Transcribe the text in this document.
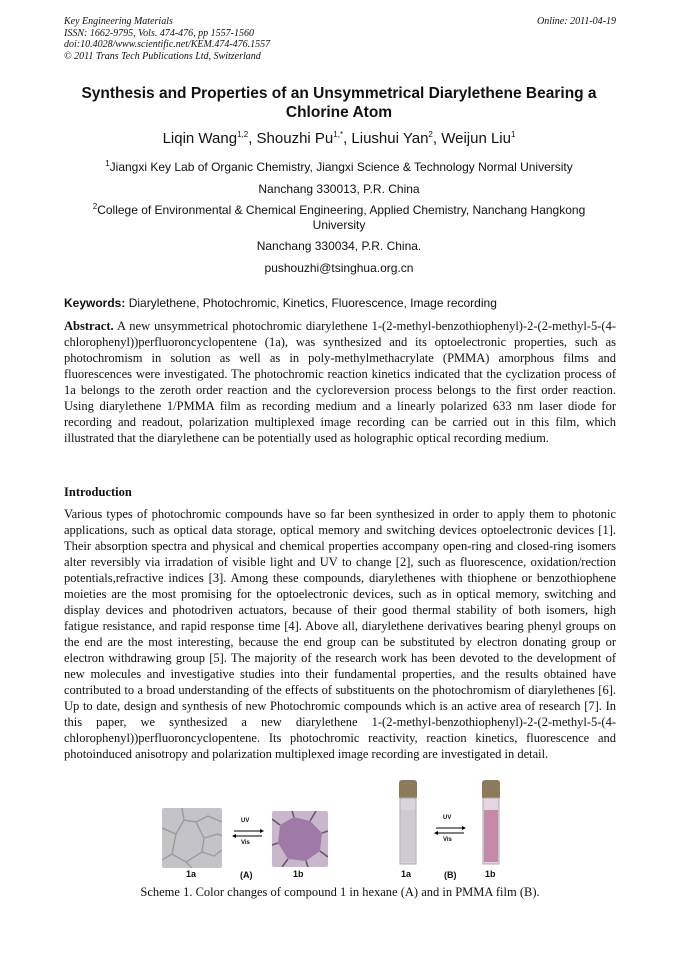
Key Engineering Materials
ISSN: 1662-9795, Vols. 474-476, pp 1557-1560
doi:10.4028/www.scientific.net/KEM.474-476.1557
© 2011 Trans Tech Publications Ltd, Switzerland
Online: 2011-04-19
Synthesis and Properties of an Unsymmetrical Diarylethene Bearing a Chlorine Atom
Liqin Wang$^{1,2}$, Shouzhi $Pu^{1,*}$, Liushui Yan$^2$, Weijun Liu$^1$
$^1$Jiangxi Key Lab of Organic Chemistry, Jiangxi Science & Technology Normal University
Nanchang 330013, P.R. China
$^2$College of Environmental & Chemical Engineering, Applied Chemistry, Nanchang Hangkong University
Nanchang 330034, P.R. China.
pushouzhi@tsinghua.org.cn
Keywords: Diarylethene, Photochromic, Kinetics, Fluorescence, Image recording
Abstract. A new unsymmetrical photochromic diarylethene 1-(2-methyl-benzothiophenyl)-2-(2-methyl-5-(4-chlorophenyl))perfluoroncyclopentene (1a), was synthesized and its optoelectronic properties, such as photochromism in solution as well as in poly-methylmethacrylate (PMMA) amorphous films and fluorescences were investigated. The photochromic reaction kinetics indicated that the cyclization process of 1a belongs to the zeroth order reaction and the cycloreversion process belongs to the first order reaction. Using diarylethene 1/PMMA film as recording medium and a linearly polarized 633 nm laser diode for recording and readout, polarization multiplexed image recording can be carried out in this film, which illustrated that the diarylethene can be potentially used as holographic optical recording medium.
Introduction
Various types of photochromic compounds have so far been synthesized in order to apply them to photonic applications, such as optical data storage, optical memory and switching devices optoelectronic devices [1]. Their absorption spectra and physical and chemical properties accompany open-ring and closed-ring isomers alter reversibly via irradation of visible light and UV to change [2], such as fluorescence, oxidation/rection potentials,refractive indices [3]. Among these compounds, diarylethenes with thiophene or benzothiophene moieties are the most promising for the optoelectronic devices, such as in optical memory, switching and display devices and photodriven actuators, because of their good thermal stability of both isomers, high fatigue resistance, and rapid response time [4]. Above all, diarylethene derivatives bearing phenyl groups on the end are the most interesting, because the end group can be substituted by electron donating group or electron withdrawing group [5]. The majority of the research work has been devoted to the development of new molecules and investigative studies into their fundamental properties, and the results obtained have contributed to a broad understanding of the effects of substituents on the photochromism of diarylethenes [6]. Up to date, design and synthesis of new Photochromic compounds which is an active area of research [7]. In this paper, we synthesized a new diarylethene 1-(2-methyl-benzothiophenyl)-2-(2-methyl-5-(4-chlorophenyl))perfluoroncyclopentene. Its photochromic reactivity, reaction kinetics, fluorescence and photoinduced anisotropy and polarization multiplexed image recording are investigated in detail.
UV
Vis
1a	(A)	1b
UV
Vis
1a	(B)	1b
Scheme 1. Color changes of compound 1 in hexane (A) and in PMMA film (B).
